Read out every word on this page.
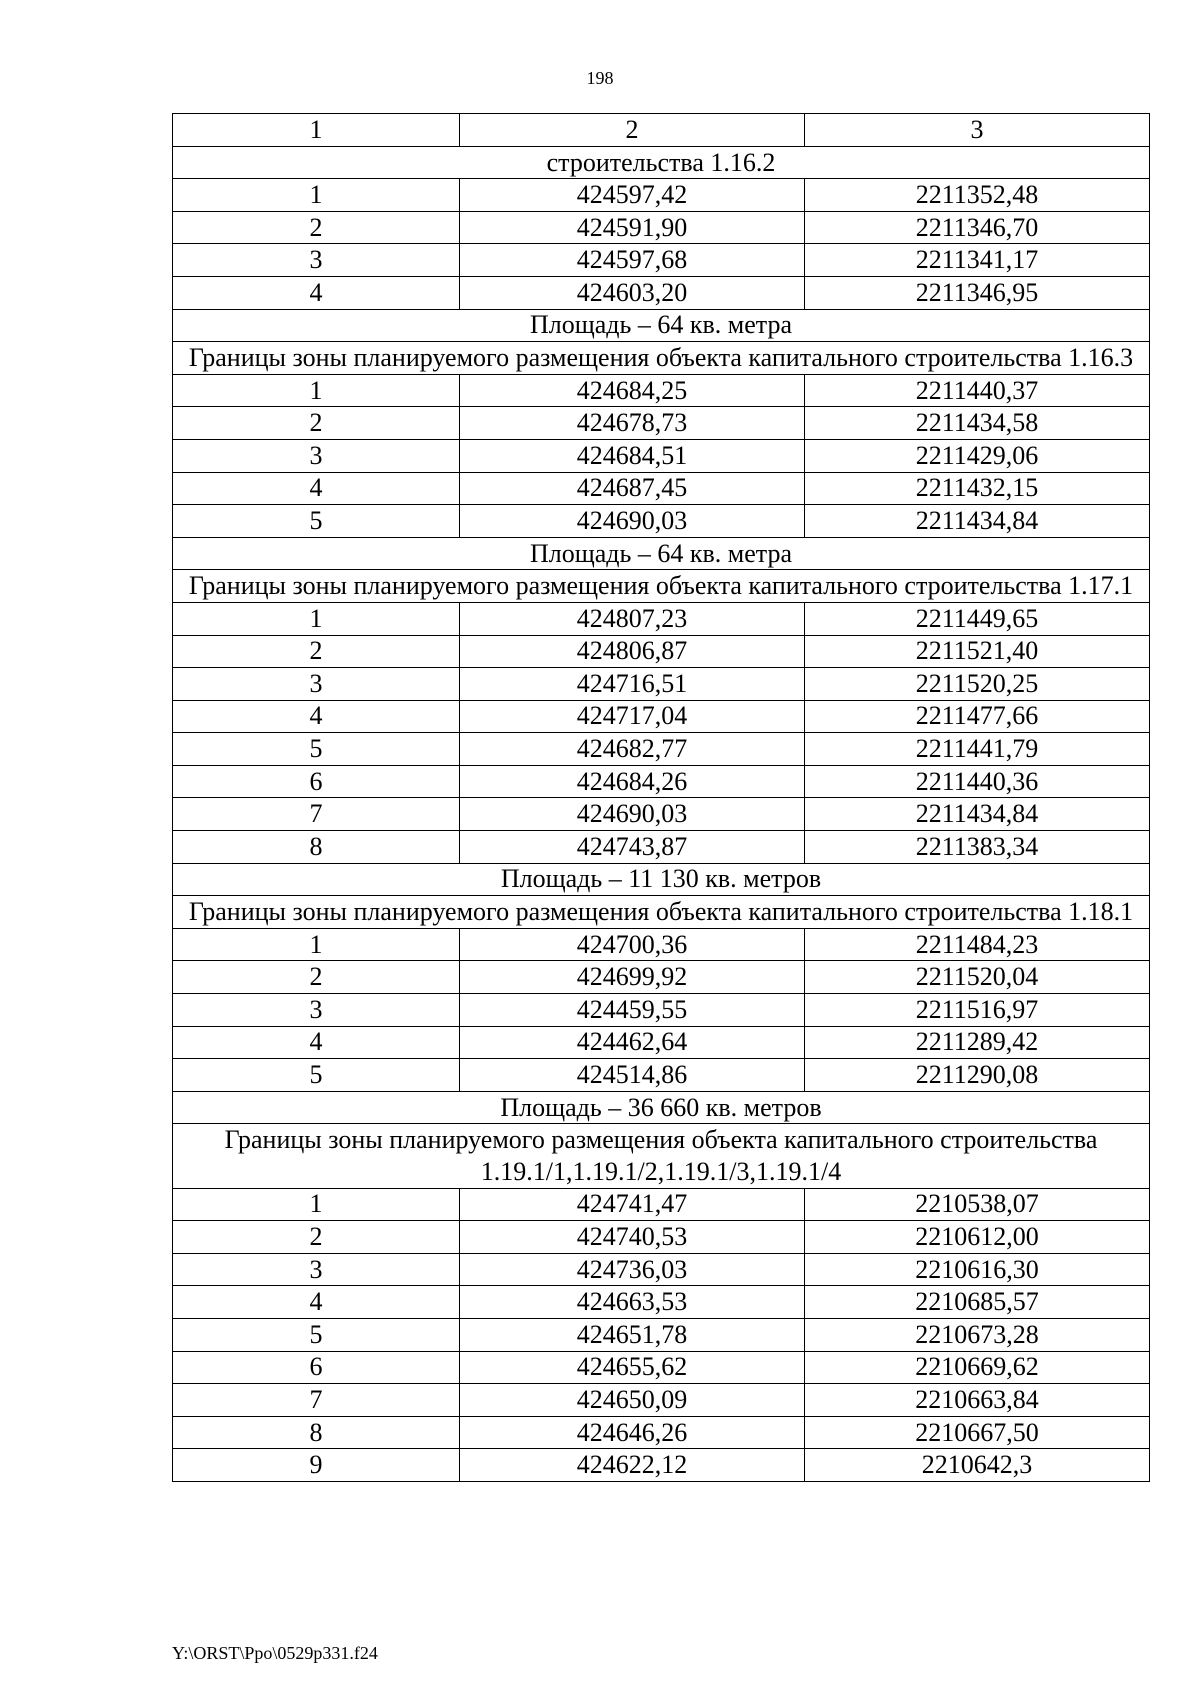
198
1	2	3
строительства 1.16.2		
1	424597,42	2211352,48
2	424591,90	2211346,70
3	424597,68	2211341,17
4	424603,20	2211346,95
Площадь – 64 кв. метра		
Границы зоны планируемого размещения объекта капитального строительства 1.16.3		
1	424684,25	2211440,37
2	424678,73	2211434,58
3	424684,51	2211429,06
4	424687,45	2211432,15
5	424690,03	2211434,84
Площадь – 64 кв. метра		
Границы зоны планируемого размещения объекта капитального строительства 1.17.1		
1	424807,23	2211449,65
2	424806,87	2211521,40
3	424716,51	2211520,25
4	424717,04	2211477,66
5	424682,77	2211441,79
6	424684,26	2211440,36
7	424690,03	2211434,84
8	424743,87	2211383,34
Площадь – 11 130 кв. метров		
Границы зоны планируемого размещения объекта капитального строительства 1.18.1		
1	424700,36	2211484,23
2	424699,92	2211520,04
3	424459,55	2211516,97
4	424462,64	2211289,42
5	424514,86	2211290,08
Площадь – 36 660 кв. метров		
Границы зоны планируемого размещения объекта капитального строительства 1.19.1/1,1.19.1/2,1.19.1/3,1.19.1/4		
1	424741,47	2210538,07
2	424740,53	2210612,00
3	424736,03	2210616,30
4	424663,53	2210685,57
5	424651,78	2210673,28
6	424655,62	2210669,62
7	424650,09	2210663,84
8	424646,26	2210667,50
9	424622,12	2210642,3
Y:\ORST\Ppo\0529p331.f24
